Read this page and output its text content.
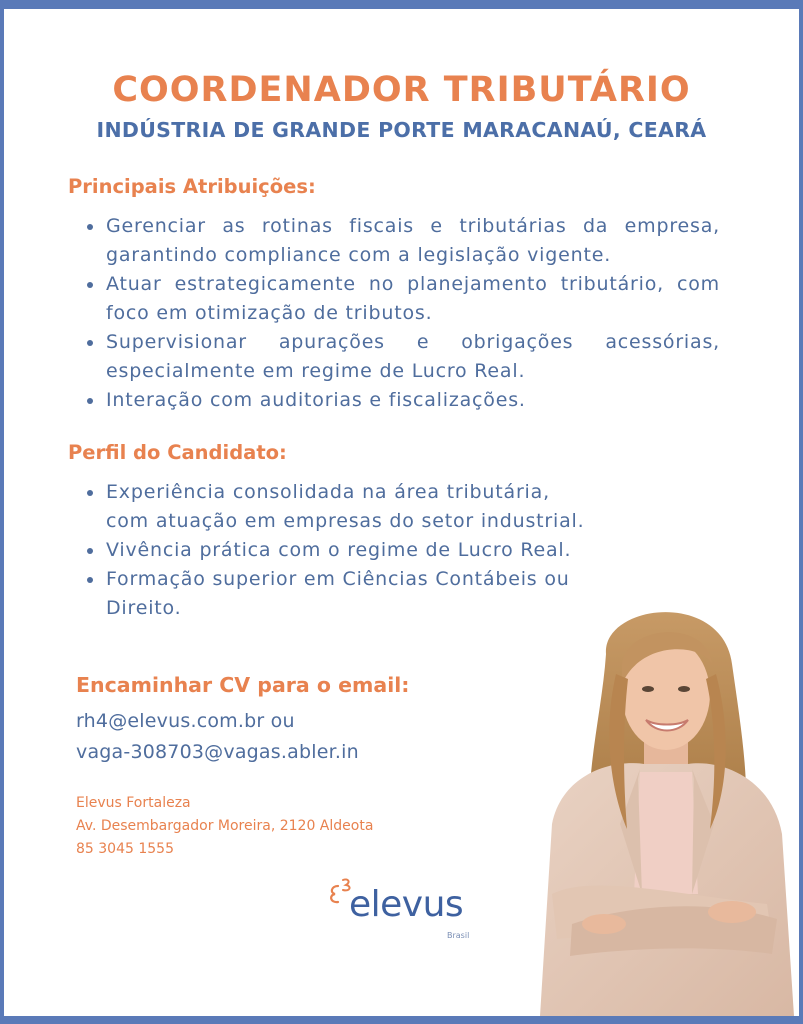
COORDENADOR TRIBUTÁRIO
INDÚSTRIA DE GRANDE PORTE MARACANAÚ, CEARÁ
Principais Atribuições:
Gerenciar as rotinas fiscais e tributárias da empresa, garantindo compliance com a legislação vigente.
Atuar estrategicamente no planejamento tributário, com foco em otimização de tributos.
Supervisionar apurações e obrigações acessórias, especialmente em regime de Lucro Real.
Interação com auditorias e fiscalizações.
Perfil do Candidato:
Experiência consolidada na área tributária, com atuação em empresas do setor industrial.
Vivência prática com o regime de Lucro Real.
Formação superior em Ciências Contábeis ou Direito.
Encaminhar CV para o email:
rh4@elevus.com.br ou
vaga-308703@vagas.abler.in
Elevus Fortaleza
Av. Desembargador Moreira, 2120 Aldeota
85 3045 1555
elevus
Brasil
